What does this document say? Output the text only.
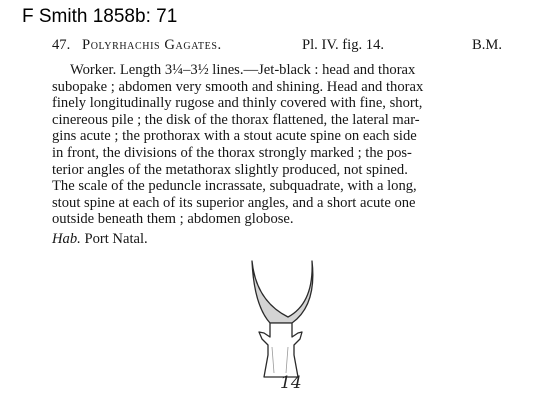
F Smith 1858b: 71
47. Polyrhachis Gagates.	Pl. IV. fig. 14.	B.M.
Worker. Length 3¼–3½ lines.—Jet-black : head and thorax
subopake ; abdomen very smooth and shining. Head and thorax
finely longitudinally rugose and thinly covered with fine, short,
cinereous pile ; the disk of the thorax flattened, the lateral mar-
gins acute ; the prothorax with a stout acute spine on each side
in front, the divisions of the thorax strongly marked ; the pos-
terior angles of the metathorax slightly produced, not spined.
The scale of the peduncle incrassate, subquadrate, with a long,
stout spine at each of its superior angles, and a short acute one
outside beneath them ; abdomen globose.
Hab. Port Natal.
14
